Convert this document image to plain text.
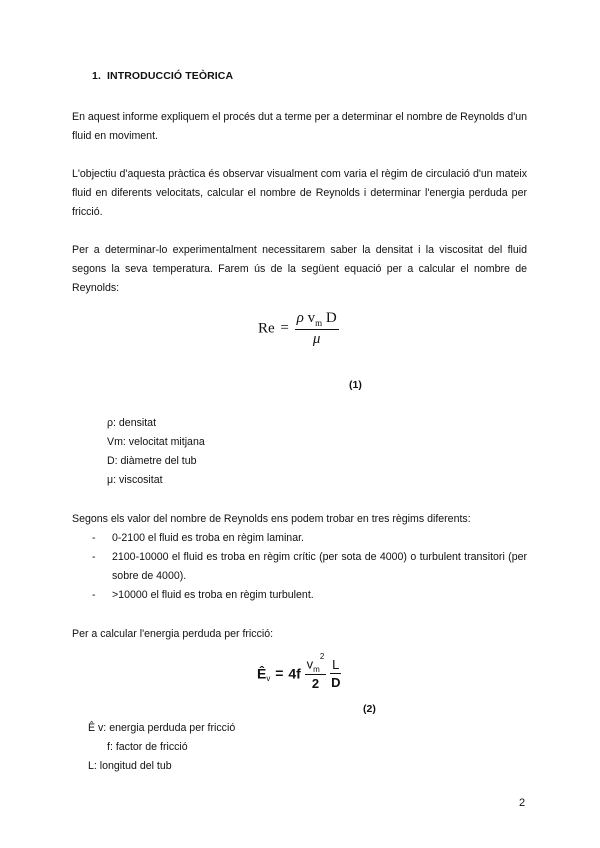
1. INTRODUCCIÓ TEÒRICA

En aquest informe expliquem el procés dut a terme per a determinar el nombre de Reynolds d'un fluid en moviment.

L'objectiu d'aquesta pràctica és observar visualment com varia el règim de circulació d'un mateix fluid en diferents velocitats, calcular el nombre de Reynolds i determinar l'energia perduda per fricció.

Per a determinar-lo experimentalment necessitarem saber la densitat i la viscositat del fluid segons la seva temperatura. Farem ús de la següent equació per a calcular el nombre de Reynolds:

$Re = \frac{\rho v_m D}{\mu}$
(1)
ρ: densitat
Vm: velocitat mitjana
D: diàmetre del tub
μ: viscositat

Segons els valor del nombre de Reynolds ens podem trobar en tres règims diferents:

- 0-2100 el fluid es troba en règim laminar.
- 2100-10000 el fluid es troba en règim crític (per sota de 4000) o turbulent transitori (per sobre de 4000).
- >10000 el fluid es troba en règim turbulent.

Per a calcular l'energia perduda per fricció:

$Ê_v = 4f \frac{v_m^2}{2}$
$\frac{L}{D}$
(2)
Ê v: energia perduda per fricció
f: factor de fricció
L: longitud del tub
2
